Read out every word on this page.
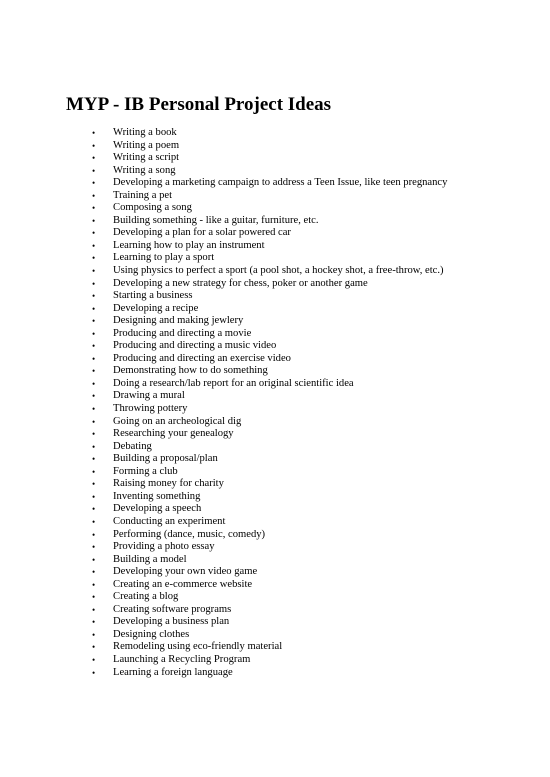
MYP - IB Personal Project Ideas
• Writing a book
• Writing a poem
• Writing a script
• Writing a song
• Developing a marketing campaign to address a Teen Issue, like teen pregnancy
• Training a pet
• Composing a song
• Building something - like a guitar, furniture, etc.
• Developing a plan for a solar powered car
• Learning how to play an instrument
• Learning to play a sport
• Using physics to perfect a sport (a pool shot, a hockey shot, a free-throw, etc.)
• Developing a new strategy for chess, poker or another game
• Starting a business
• Developing a recipe
• Designing and making jewlery
• Producing and directing a movie
• Producing and directing a music video
• Producing and directing an exercise video
• Demonstrating how to do something
• Doing a research/lab report for an original scientific idea
• Drawing a mural
• Throwing pottery
• Going on an archeological dig
• Researching your genealogy
• Debating
• Building a proposal/plan
• Forming a club
• Raising money for charity
• Inventing something
• Developing a speech
• Conducting an experiment
• Performing (dance, music, comedy)
• Providing a photo essay
• Building a model
• Developing your own video game
• Creating an e-commerce website
• Creating a blog
• Creating software programs
• Developing a business plan
• Designing clothes
• Remodeling using eco-friendly material
• Launching a Recycling Program
• Learning a foreign language
